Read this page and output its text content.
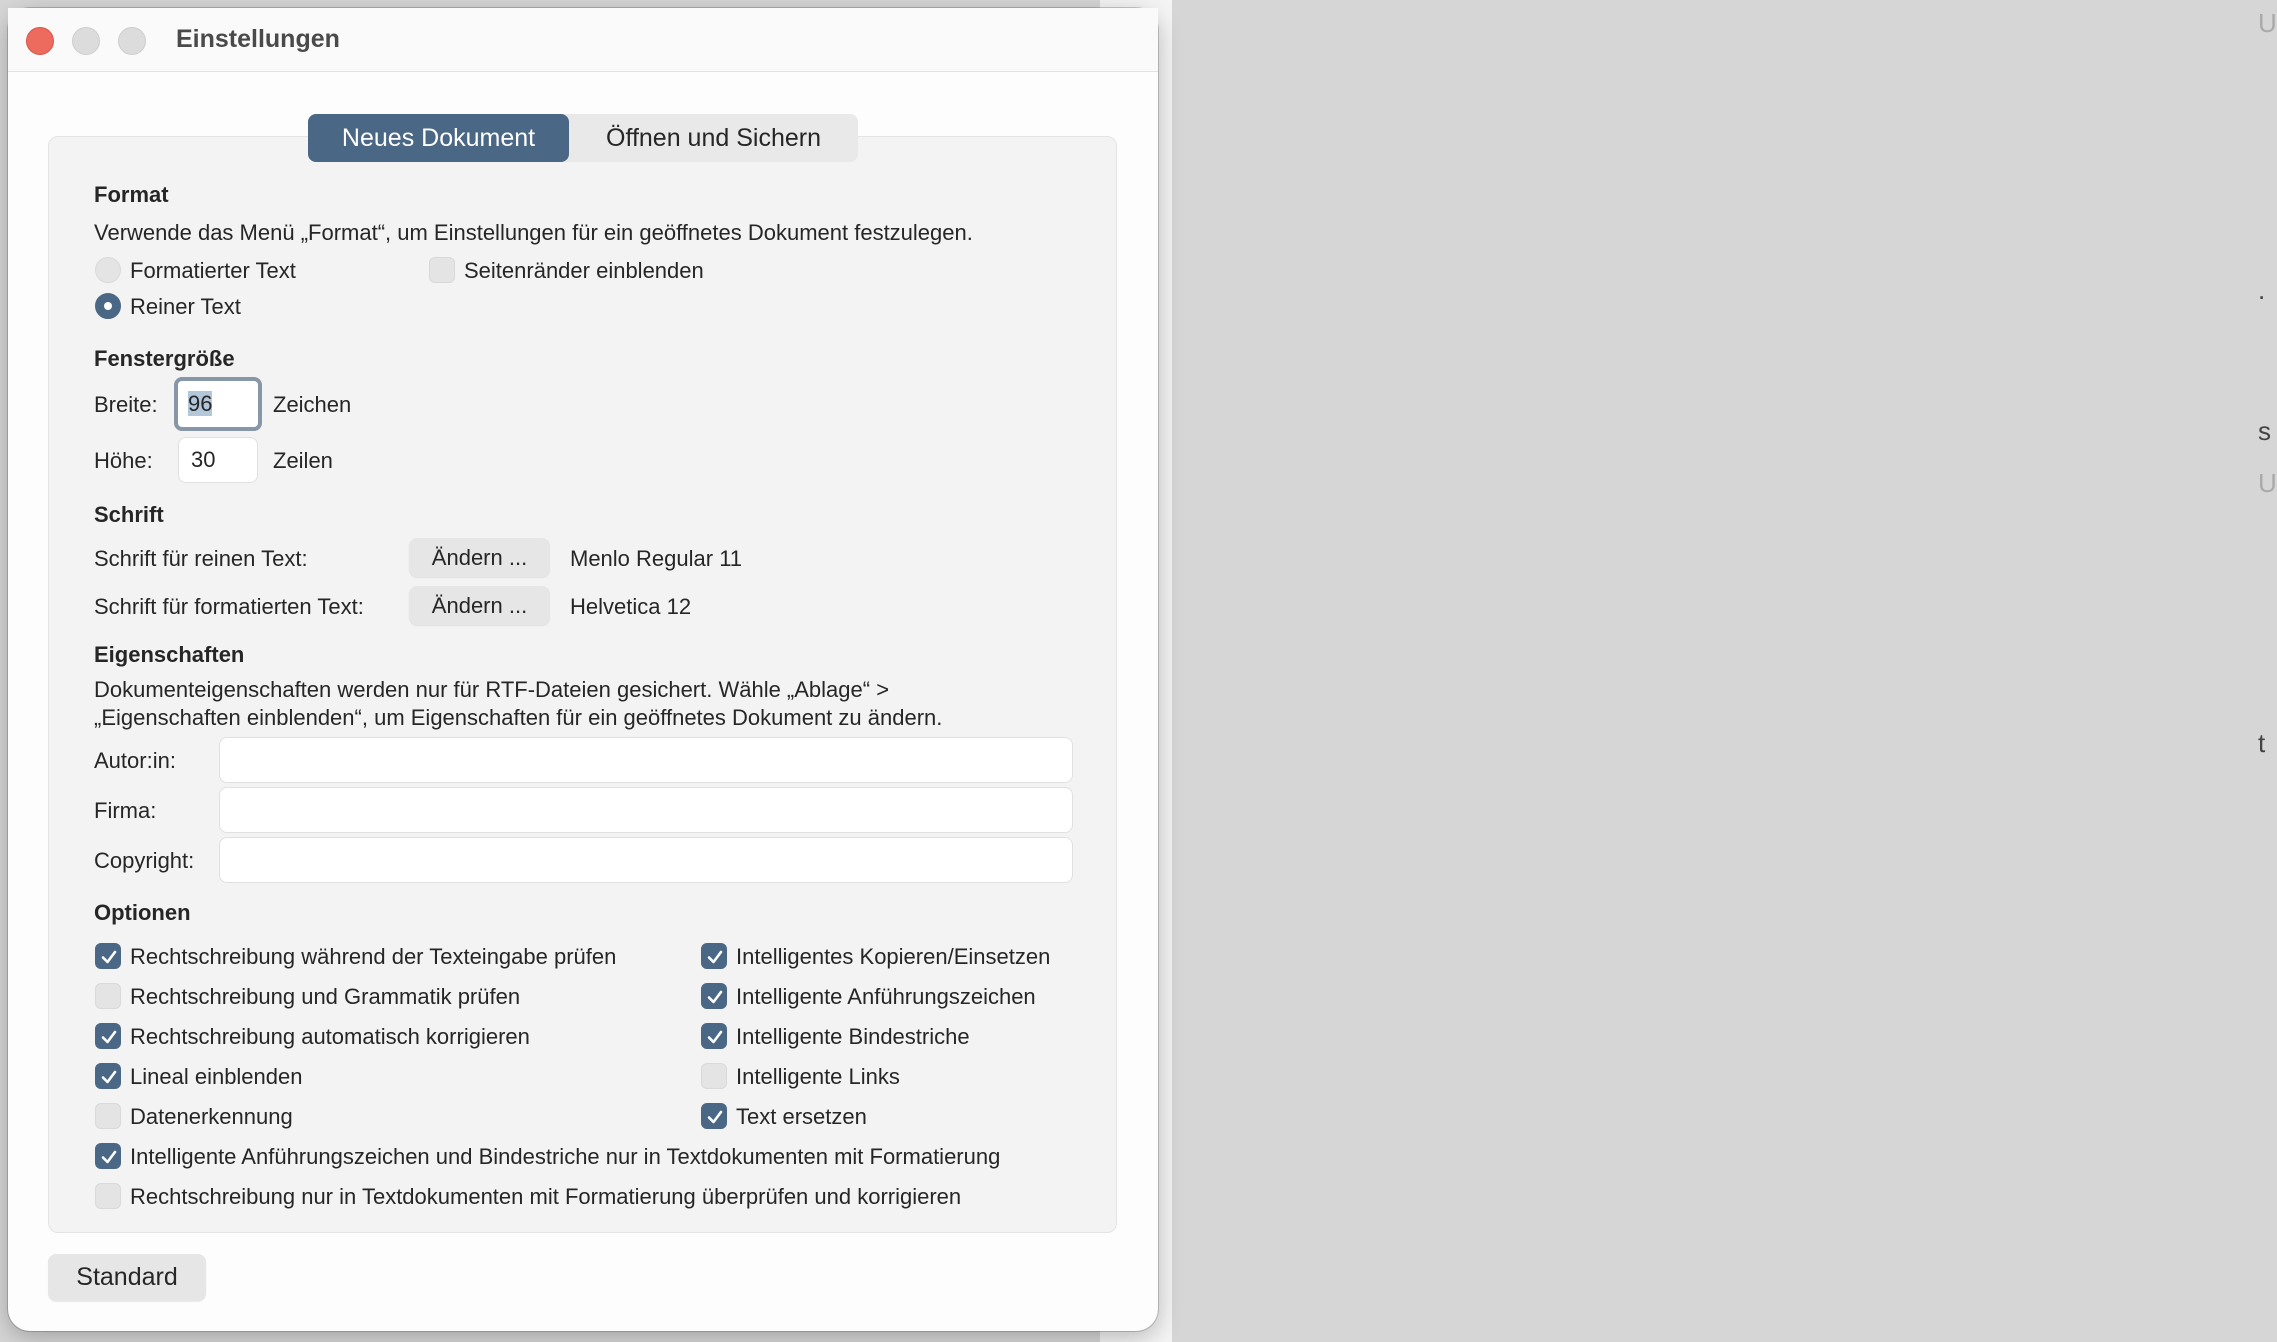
U
.
s
U
t
Einstellungen
Neues Dokument	Öffnen und Sichern
Format
Verwende das Menü „Format“, um Einstellungen für ein geöffnetes Dokument festzulegen.
Formatierter Text	Seitenränder einblenden
Reiner Text
Fenstergröße
Breite:	96	Zeichen
Höhe:	30	Zeilen
Schrift
Schrift für reinen Text:	Ändern ...	Menlo Regular 11
Schrift für formatierten Text:	Ändern ...	Helvetica 12
Eigenschaften
Dokumenteigenschaften werden nur für RTF-Dateien gesichert. Wähle „Ablage“ >
„Eigenschaften einblenden“, um Eigenschaften für ein geöffnetes Dokument zu ändern.
Autor:in:
Firma:
Copyright:
Optionen
Rechtschreibung während der Texteingabe prüfen
Rechtschreibung und Grammatik prüfen
Rechtschreibung automatisch korrigieren
Lineal einblenden
Datenerkennung
Intelligentes Kopieren/Einsetzen
Intelligente Anführungszeichen
Intelligente Bindestriche
Intelligente Links
Text ersetzen
Intelligente Anführungszeichen und Bindestriche nur in Textdokumenten mit Formatierung
Rechtschreibung nur in Textdokumenten mit Formatierung überprüfen und korrigieren
Standard
